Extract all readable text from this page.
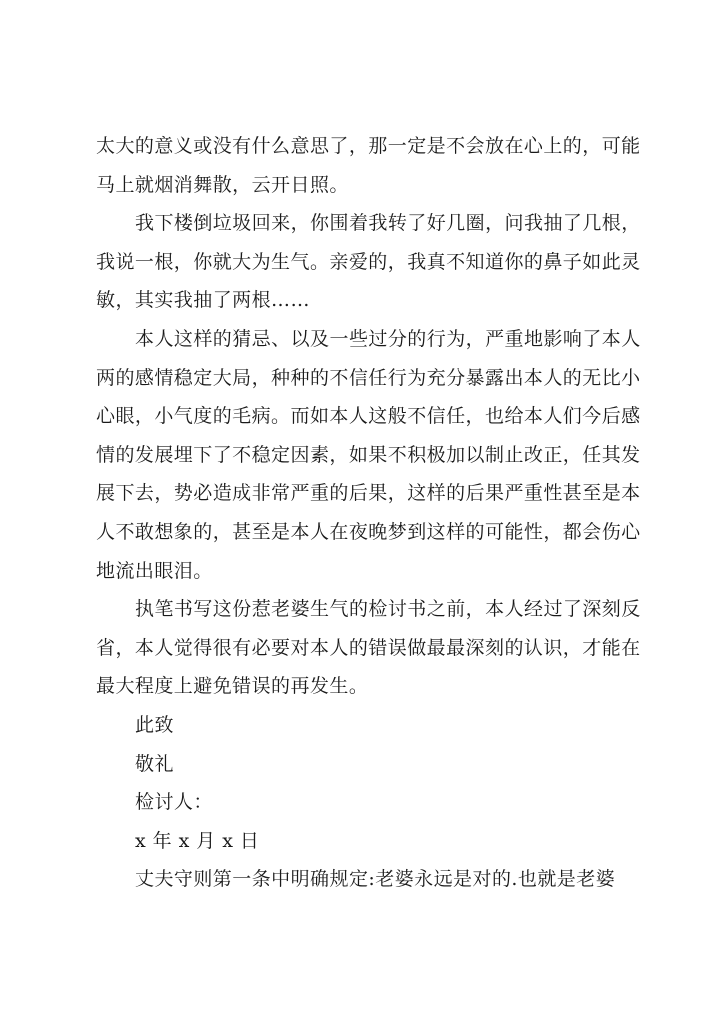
太大的意义或没有什么意思了，那一定是不会放在心上的，可能
马上就烟消舞散，云开日照。
我下楼倒垃圾回来，你围着我转了好几圈，问我抽了几根，
我说一根，你就大为生气。亲爱的，我真不知道你的鼻子如此灵
敏，其实我抽了两根……
本人这样的猜忌、以及一些过分的行为，严重地影响了本人
两的感情稳定大局，种种的不信任行为充分暴露出本人的无比小
心眼，小气度的毛病。而如本人这般不信任，也给本人们今后感
情的发展埋下了不稳定因素，如果不积极加以制止改正，任其发
展下去，势必造成非常严重的后果，这样的后果严重性甚至是本
人不敢想象的，甚至是本人在夜晚梦到这样的可能性，都会伤心
地流出眼泪。
执笔书写这份惹老婆生气的检讨书之前，本人经过了深刻反
省，本人觉得很有必要对本人的错误做最最深刻的认识，才能在
最大程度上避免错误的再发生。
此致
敬礼
检讨人：
x 年 x 月 x 日
丈夫守则第一条中明确规定:老婆永远是对的.也就是老婆
